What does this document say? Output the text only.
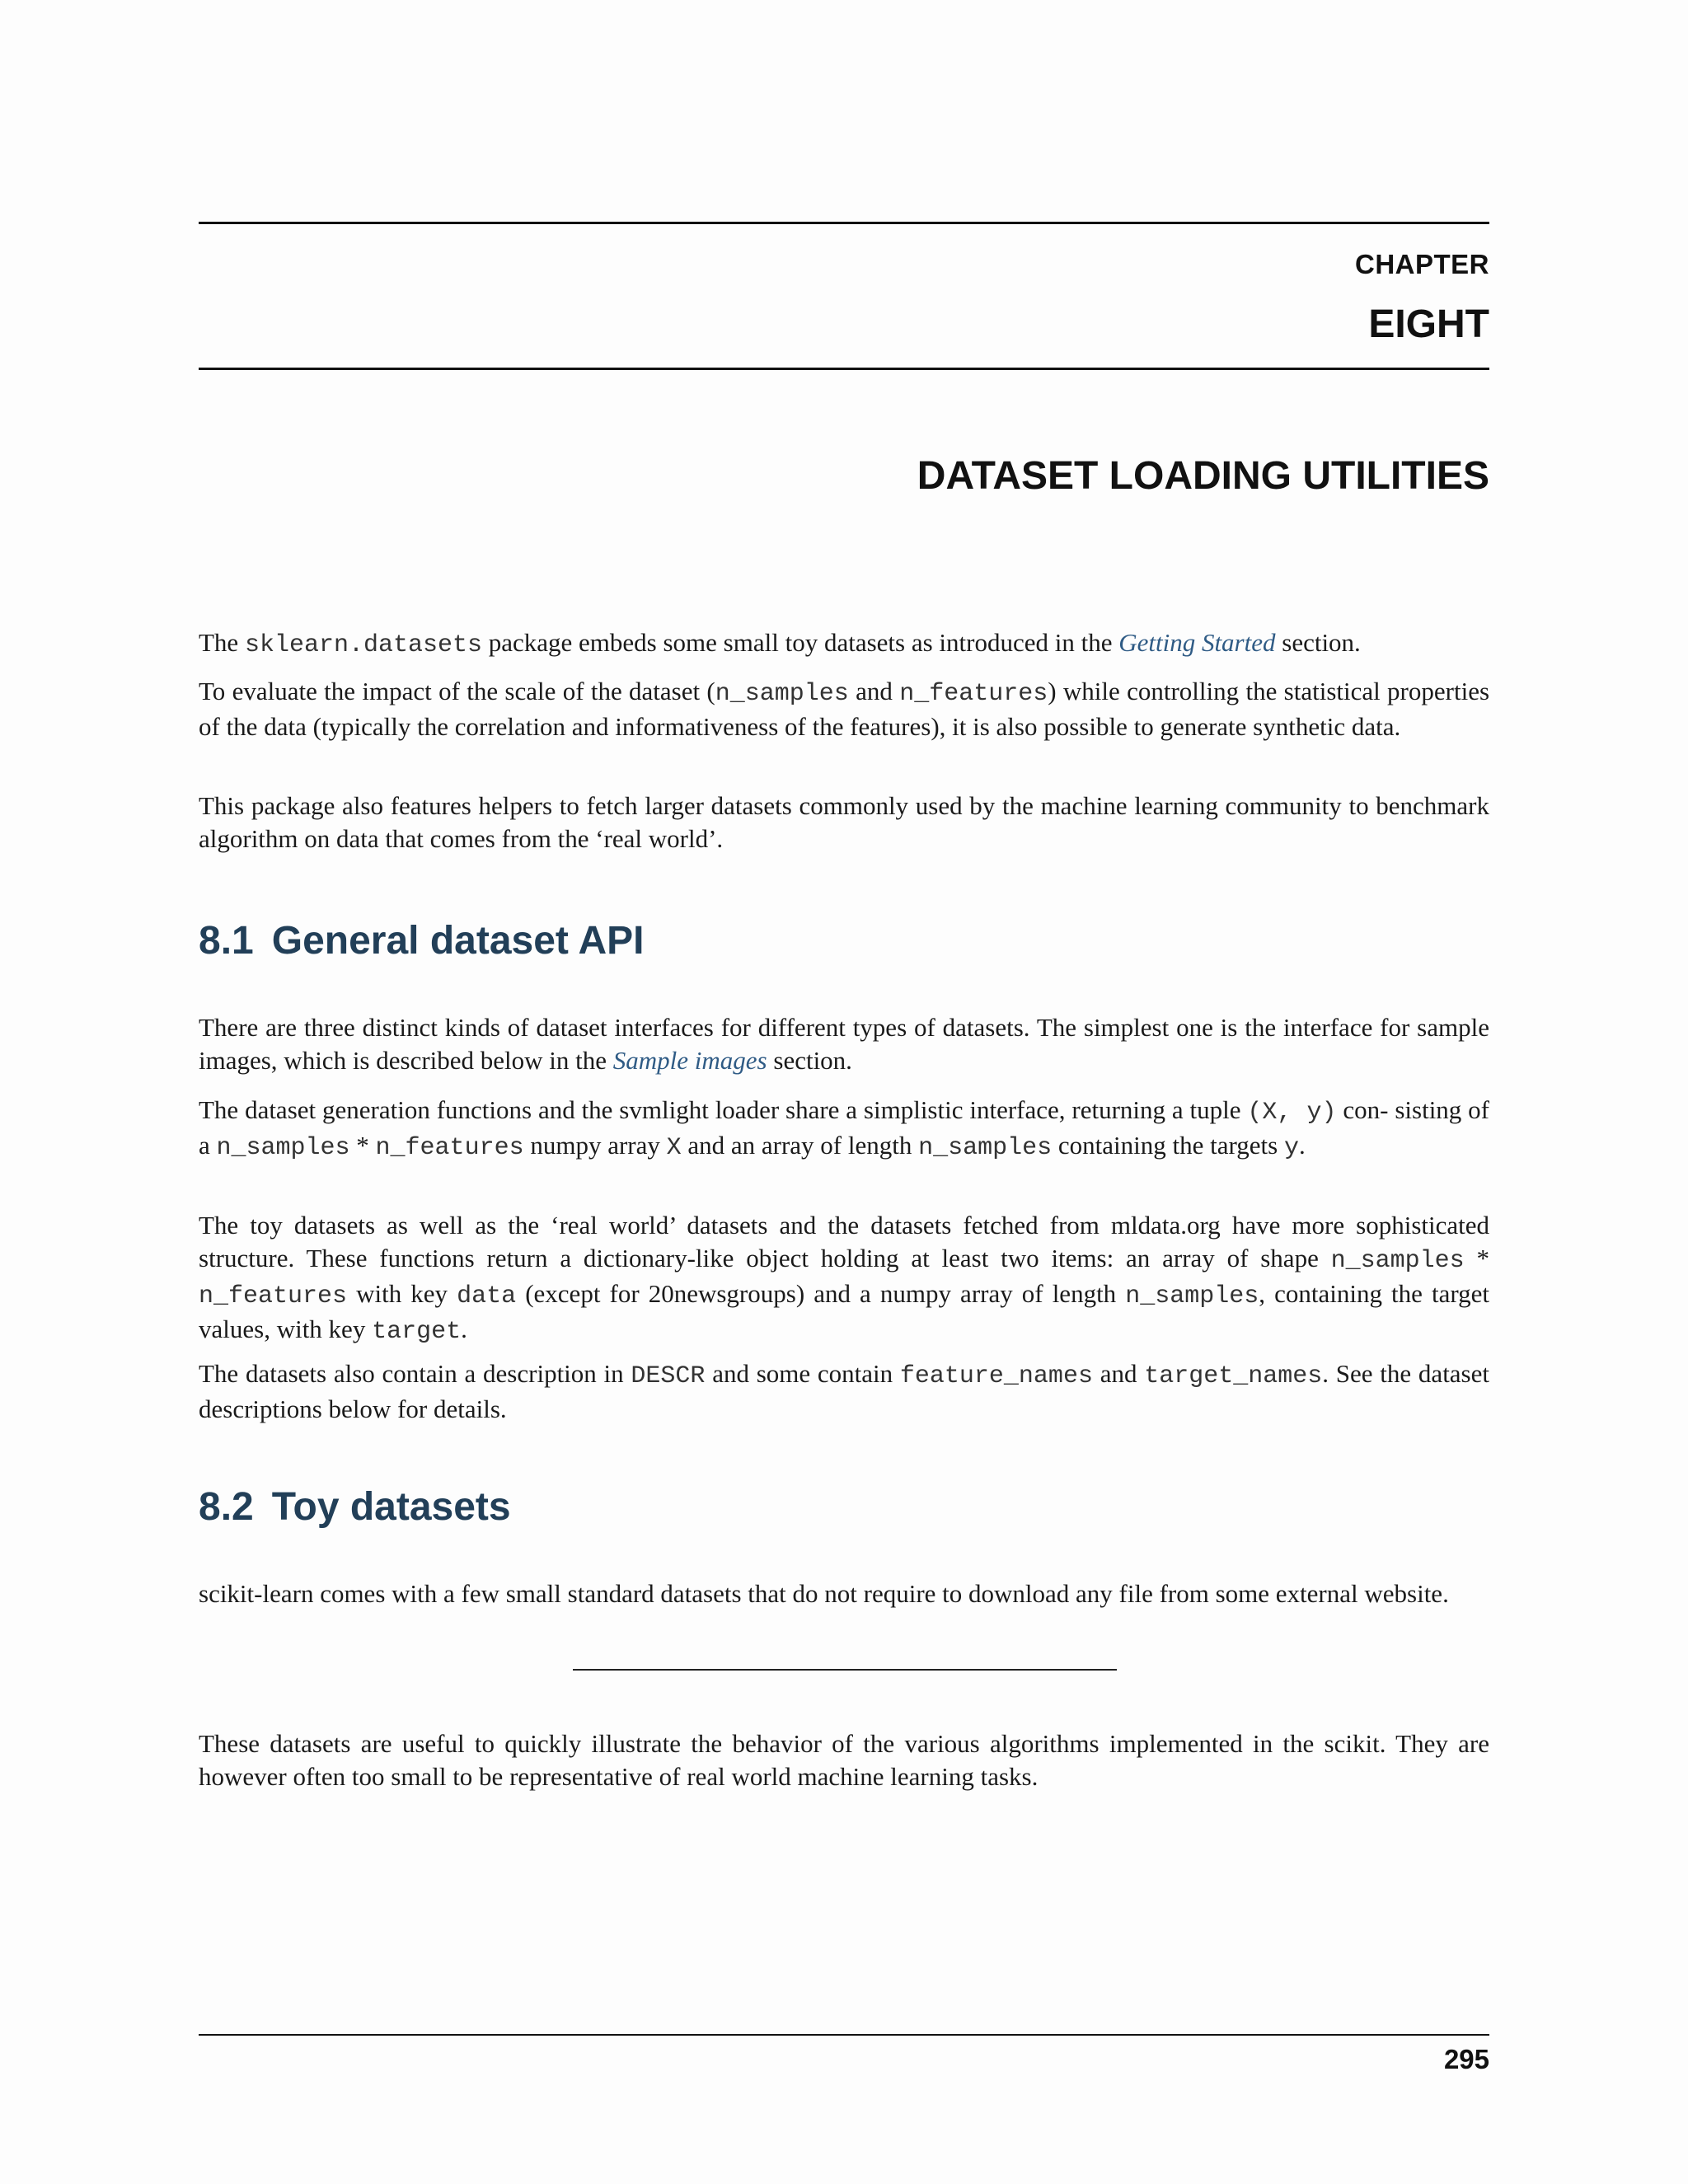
CHAPTER
EIGHT
DATASET LOADING UTILITIES

The sklearn.datasets package embeds some small toy datasets as introduced in the Getting Started section.

To evaluate the impact of the scale of the dataset (n_samples and n_features) while controlling the statistical properties of the data (typically the correlation and informativeness of the features), it is also possible to generate synthetic data.

This package also features helpers to fetch larger datasets commonly used by the machine learning community to benchmark algorithm on data that comes from the ‘real world’.

8.1 General dataset API

There are three distinct kinds of dataset interfaces for different types of datasets. The simplest one is the interface for sample images, which is described below in the Sample images section.

The dataset generation functions and the svmlight loader share a simplistic interface, returning a tuple (X, y) con- sisting of a n_samples * n_features numpy array X and an array of length n_samples containing the targets y.

The toy datasets as well as the ‘real world’ datasets and the datasets fetched from mldata.org have more sophisticated structure. These functions return a dictionary-like object holding at least two items: an array of shape n_samples * n_features with key data (except for 20newsgroups) and a numpy array of length n_samples, containing the target values, with key target.

The datasets also contain a description in DESCR and some contain feature_names and target_names. See the dataset descriptions below for details.

8.2 Toy datasets

scikit-learn comes with a few small standard datasets that do not require to download any file from some external website.

These datasets are useful to quickly illustrate the behavior of the various algorithms implemented in the scikit. They are however often too small to be representative of real world machine learning tasks.

295
